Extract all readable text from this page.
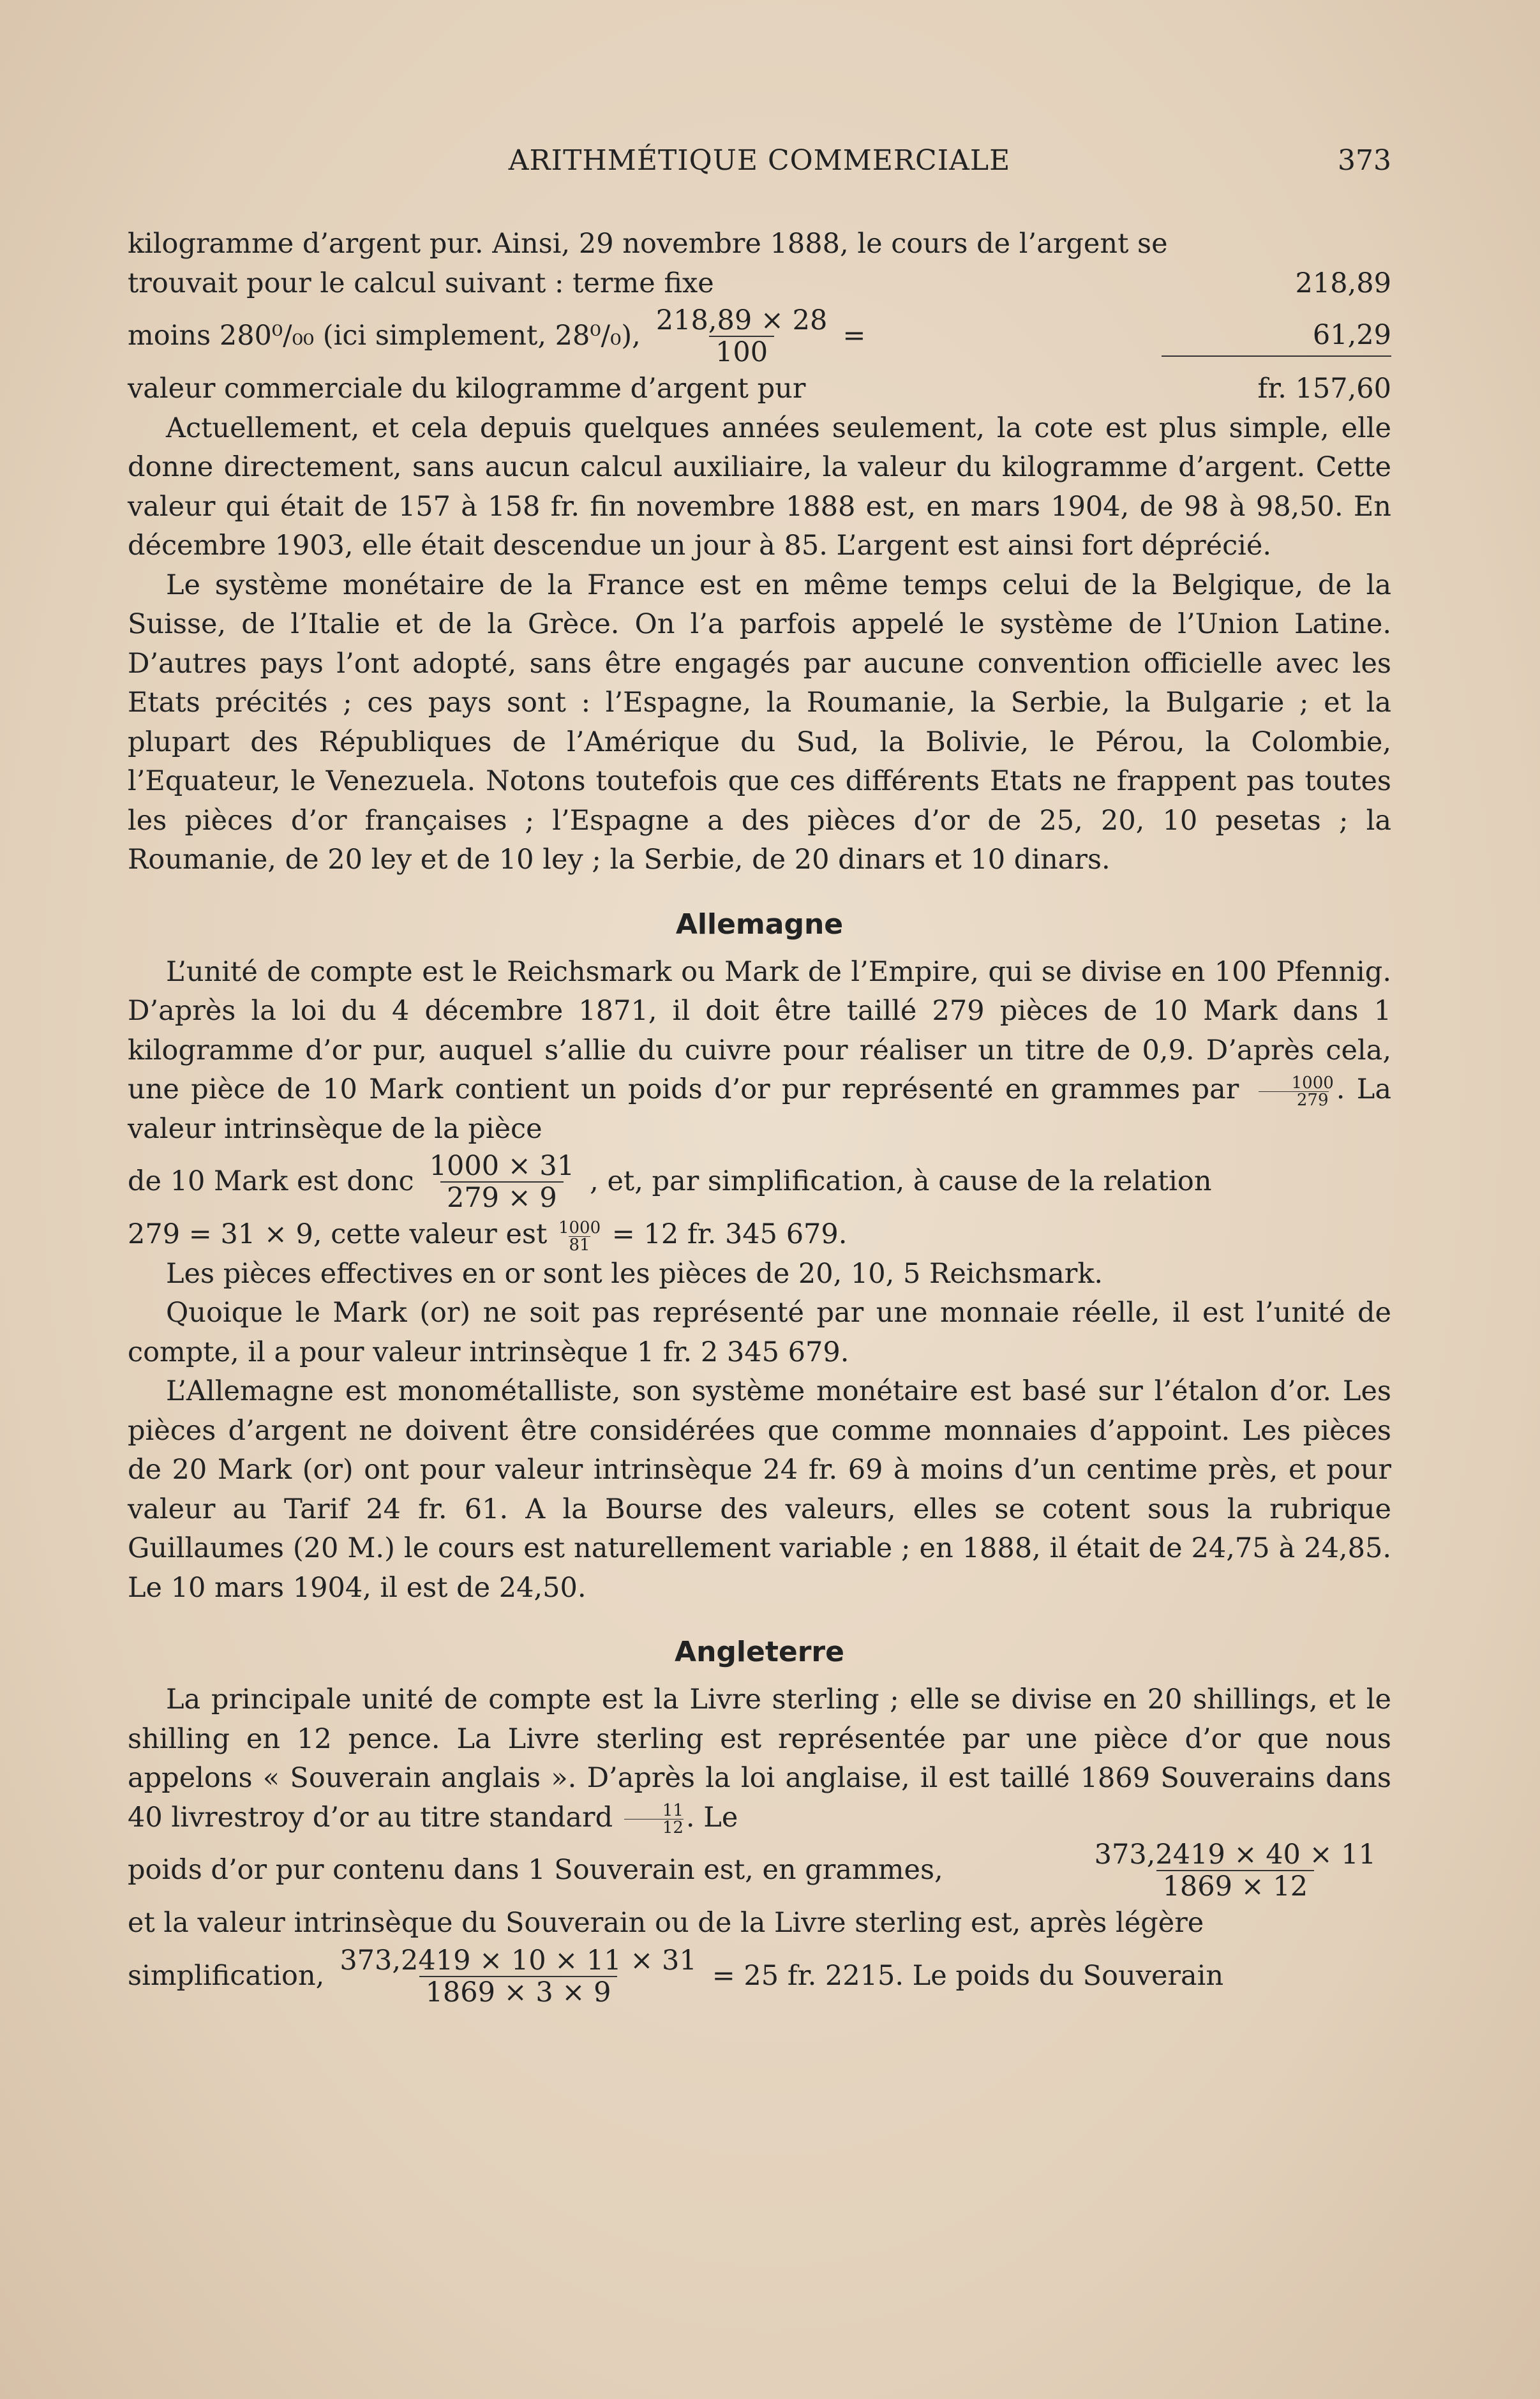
ARITHMÉTIQUE COMMERCIALE	373

kilogramme d’argent pur. Ainsi, 29 novembre 1888, le cours de l’argent se

trouvait pour le calcul suivant : terme fixe	218,89
moins 280⁰/₀₀ (ici simplement, 28⁰/₀), $\frac{218,89 \times 28}{100}$ =	61,29
valeur commerciale du kilogramme d’argent pur	fr. 157,60

Actuellement, et cela depuis quelques années seulement, la cote est plus simple, elle donne directement, sans aucun calcul auxiliaire, la valeur du kilogramme d’argent. Cette valeur qui était de 157 à 158 fr. fin novembre 1888 est, en mars 1904, de 98 à 98,50. En décembre 1903, elle était descendue un jour à 85. L’argent est ainsi fort déprécié.

Le système monétaire de la France est en même temps celui de la Belgique, de la Suisse, de l’Italie et de la Grèce. On l’a parfois appelé le système de l’Union Latine. D’autres pays l’ont adopté, sans être engagés par aucune convention officielle avec les Etats précités ; ces pays sont : l’Espagne, la Roumanie, la Serbie, la Bulgarie ; et la plupart des Républiques de l’Amérique du Sud, la Bolivie, le Pérou, la Colombie, l’Equateur, le Venezuela. Notons toutefois que ces différents Etats ne frappent pas toutes les pièces d’or françaises ; l’Espagne a des pièces d’or de 25, 20, 10 pesetas ; la Roumanie, de 20 ley et de 10 ley ; la Serbie, de 20 dinars et 10 dinars.

Allemagne

L’unité de compte est le Reichsmark ou Mark de l’Empire, qui se divise en 100 Pfennig. D’après la loi du 4 décembre 1871, il doit être taillé 279 pièces de 10 Mark dans 1 kilogramme d’or pur, auquel s’allie du cuivre pour réaliser un titre de 0,9. D’après cela, une pièce de 10 Mark contient un poids d’or pur représenté en grammes par $\frac{1000}{279}$ . La valeur intrinsèque de la pièce

de 10 Mark est donc $\frac{1000 \times 31}{279 \times 9}$ , et, par simplification, à cause de la relation

279 = 31 × 9, cette valeur est $\frac{1000}{81} = 12$ fr. 345 679.

Les pièces effectives en or sont les pièces de 20, 10, 5 Reichsmark.

Quoique le Mark (or) ne soit pas représenté par une monnaie réelle, il est l’unité de compte, il a pour valeur intrinsèque 1 fr. 2 345 679.

L’Allemagne est monométalliste, son système monétaire est basé sur l’étalon d’or. Les pièces d’argent ne doivent être considérées que comme monnaies d’appoint. Les pièces de 20 Mark (or) ont pour valeur intrinsèque 24 fr. 69 à moins d’un centime près, et pour valeur au Tarif 24 fr. 61. A la Bourse des valeurs, elles se cotent sous la rubrique Guillaumes (20 M.) le cours est naturellement variable ; en 1888, il était de 24,75 à 24,85. Le 10 mars 1904, il est de 24,50.

Angleterre

La principale unité de compte est la Livre sterling ; elle se divise en 20 shillings, et le shilling en 12 pence. La Livre sterling est représentée par une pièce d’or que nous appelons « Souverain anglais ». D’après la loi anglaise, il est taillé 1869 Souverains dans 40 livrestroy d’or au titre standard $\frac{11}{12}$ . Le

poids d’or pur contenu dans 1 Souverain est, en grammes,	$\frac{373,2419 \times 40 \times 11}{1869 \times 12}$

et la valeur intrinsèque du Souverain ou de la Livre sterling est, après légère

simplification, $\frac{373,2419 \times 10 \times 11 \times 31}{1869 \times 3 \times 9} = 25$ fr. 2215. Le poids du Souverain
